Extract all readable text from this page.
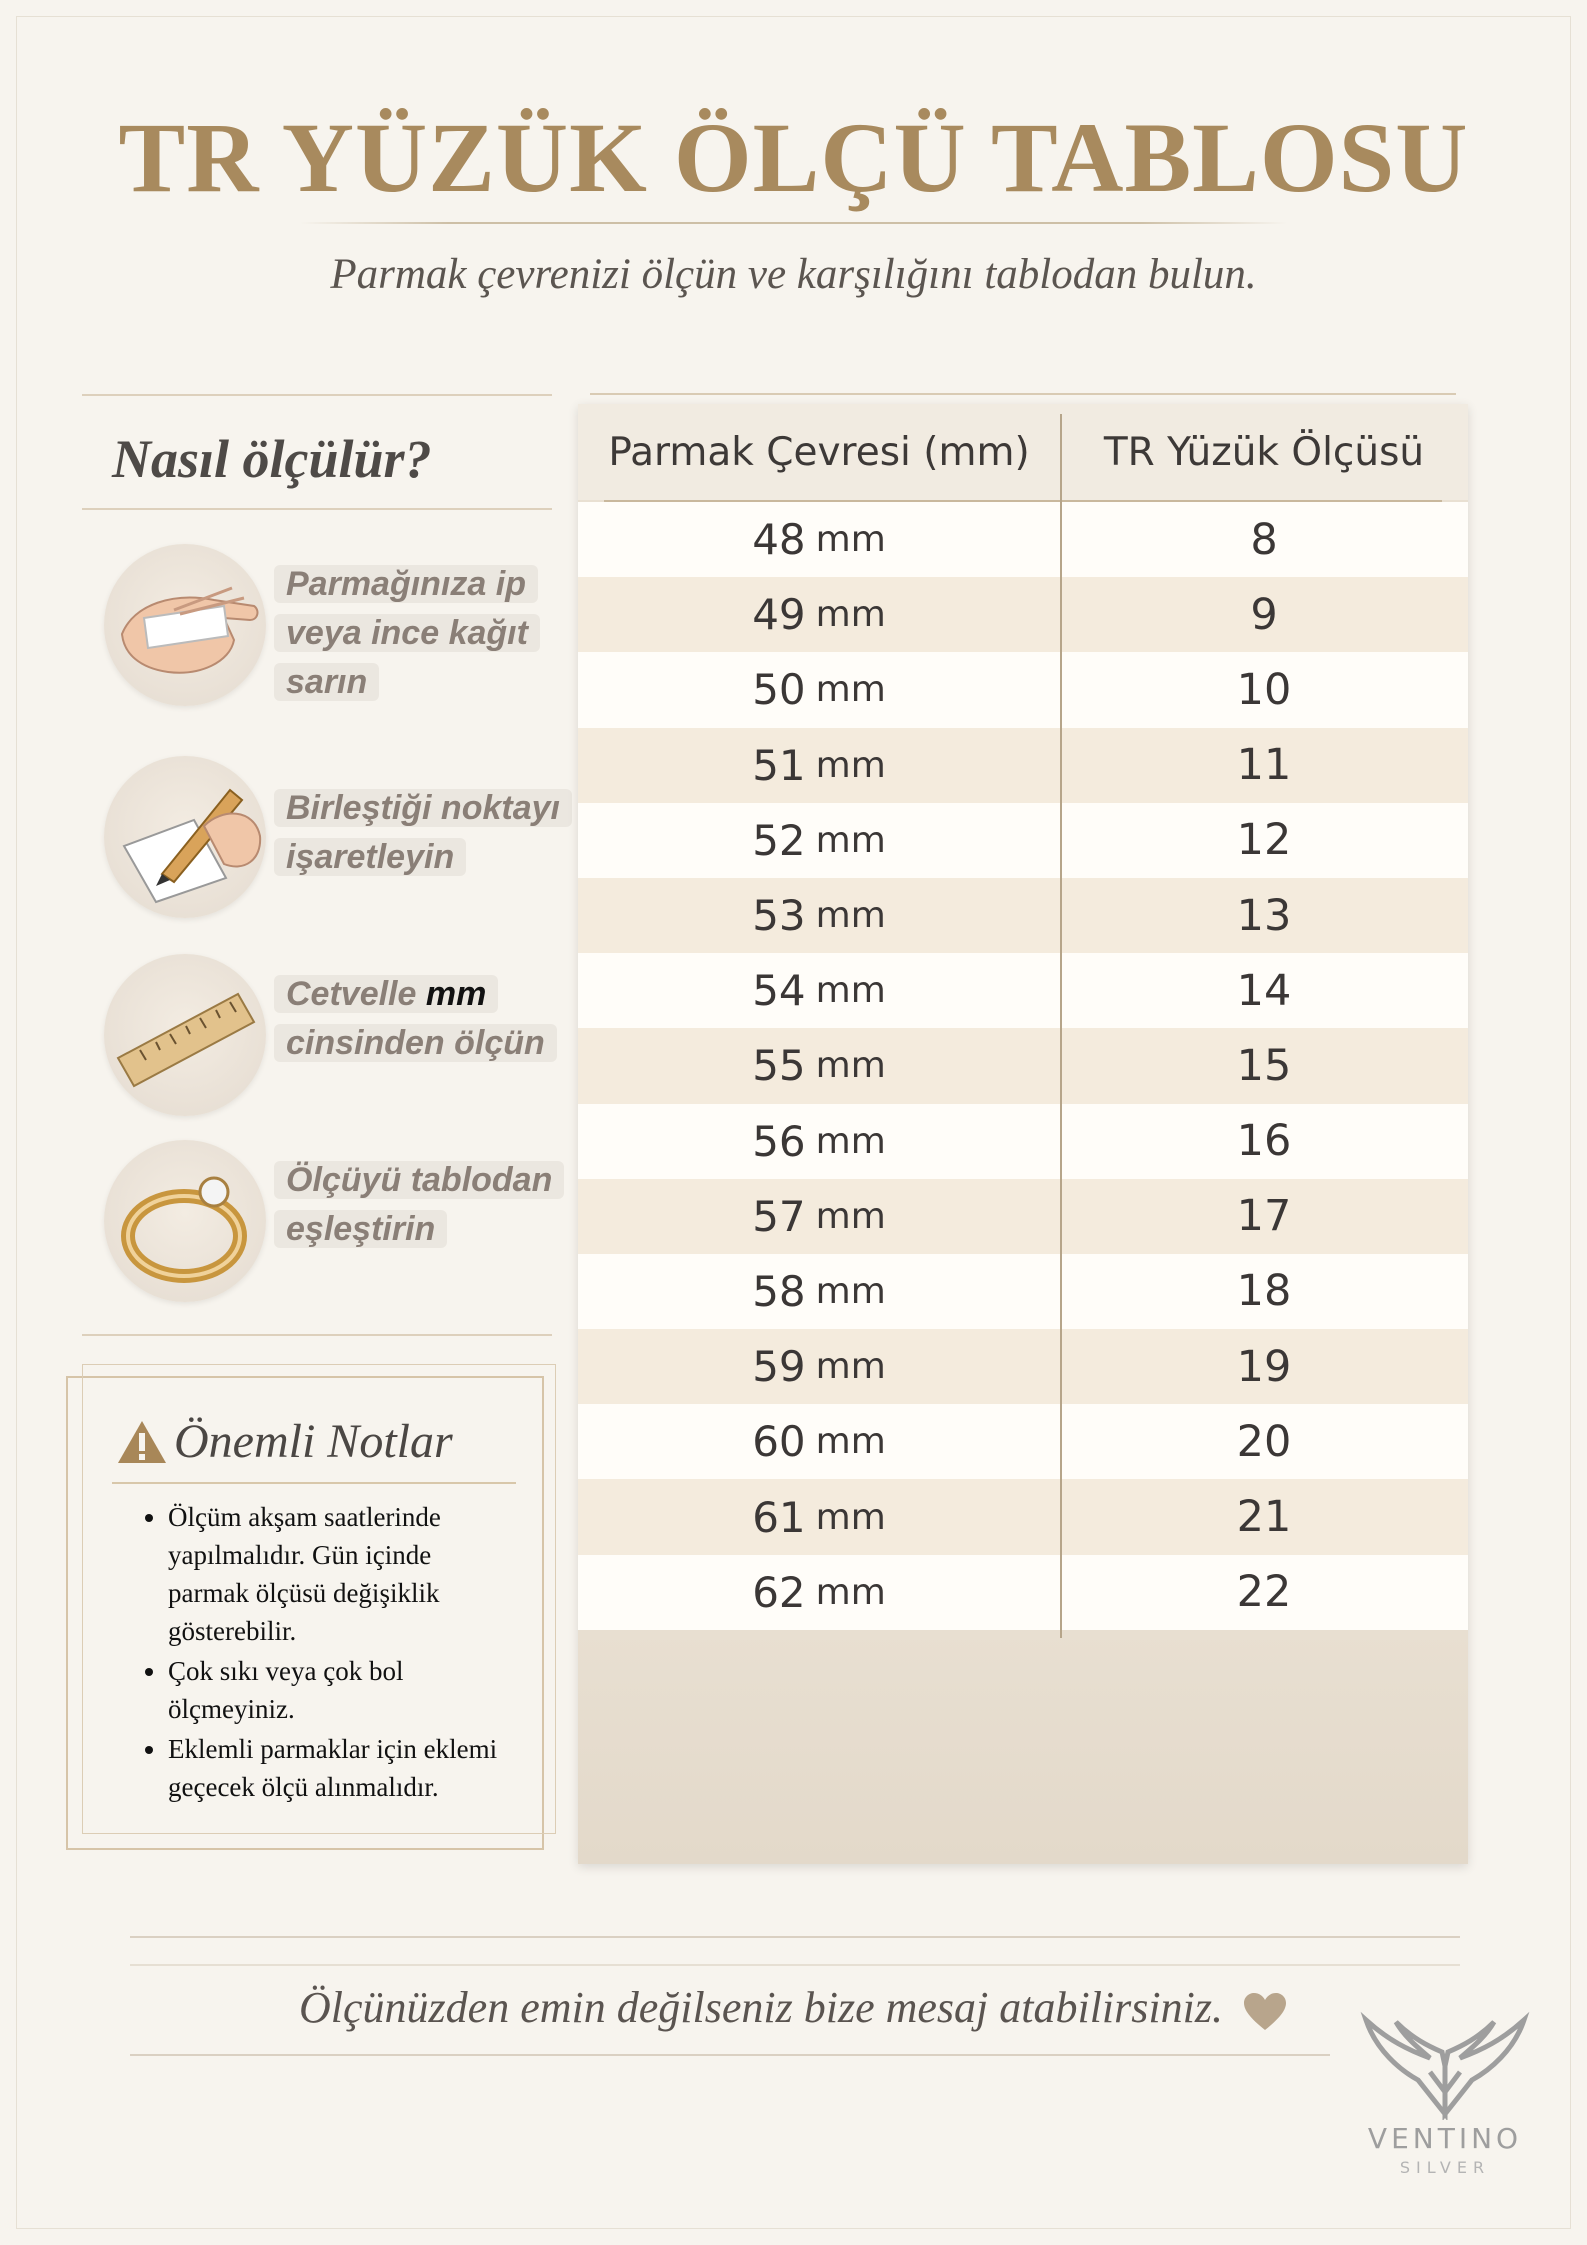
TR YÜZÜK ÖLÇÜ TABLOSU

Parmak çevrenizi ölçün ve karşılığını tablodan bulun.

Nasıl ölçülür?
Parmağınıza ip
veya ince kağıt
sarın
Birleştiği noktayı
işaretleyin
Cetvelle mm
cinsinden ölçün
Ölçüyü tablodan
eşleştirin
Önemli Notlar
• Ölçüm akşam saatlerinde yapılmalıdır. Gün içinde parmak ölçüsü değişiklik gösterebilir.
• Çok sıkı veya çok bol ölçmeyiniz.
• Eklemli parmaklar için eklemi geçecek ölçü alınmalıdır.
Parmak Çevresi (mm)	TR Yüzük Ölçüsü
48 mm	8
49 mm	9
50 mm	10
51 mm	11
52 mm	12
53 mm	13
54 mm	14
55 mm	15
56 mm	16
57 mm	17
58 mm	18
59 mm	19
60 mm	20
61 mm	21
62 mm	22

Ölçünüzden emin değilseniz bize mesaj atabilirsiniz.

VENTINO
SILVER
